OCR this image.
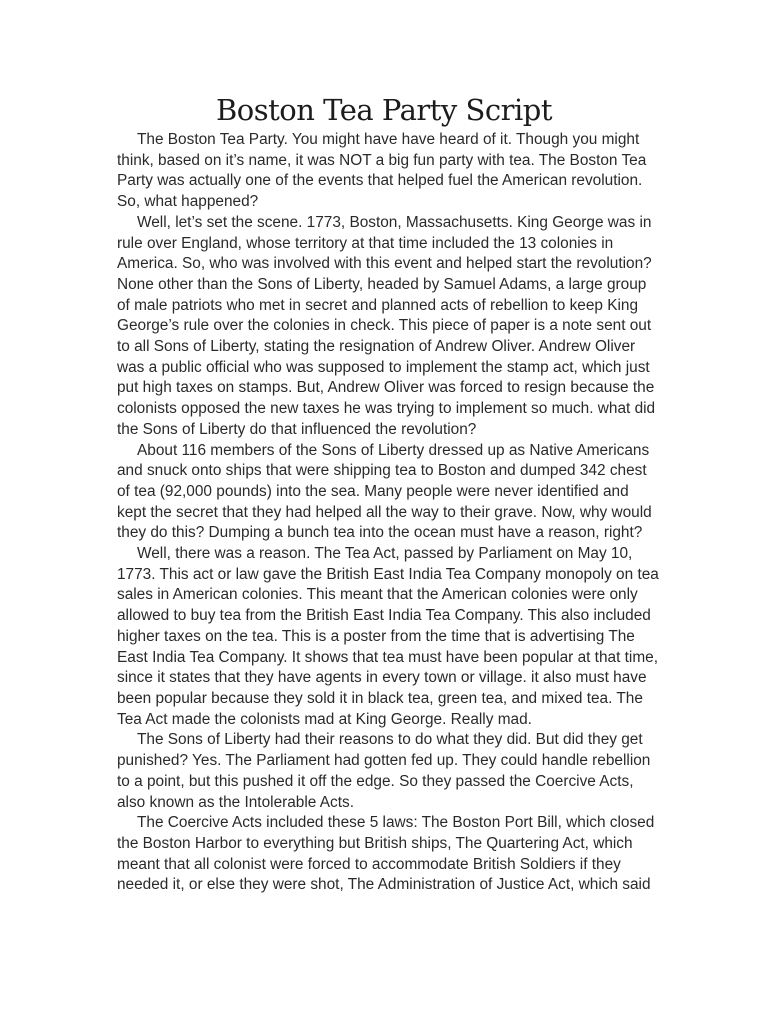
Boston Tea Party Script

The Boston Tea Party. You might have have heard of it. Though you might think, based on it’s name, it was NOT a big fun party with tea. The Boston Tea Party was actually one of the events that helped fuel the American revolution. So, what happened?

Well, let’s set the scene. 1773, Boston, Massachusetts. King George was in rule over England, whose territory at that time included the 13 colonies in America. So, who was involved with this event and helped start the revolution? None other than the Sons of Liberty, headed by Samuel Adams, a large group of male patriots who met in secret and planned acts of rebellion to keep King George’s rule over the colonies in check. This piece of paper is a note sent out to all Sons of Liberty, stating the resignation of Andrew Oliver. Andrew Oliver was a public official who was supposed to implement the stamp act, which just put high taxes on stamps. But, Andrew Oliver was forced to resign because the colonists opposed the new taxes he was trying to implement so much. what did the Sons of Liberty do that influenced the revolution?

About 116 members of the Sons of Liberty dressed up as Native Americans and snuck onto ships that were shipping tea to Boston and dumped 342 chest of tea (92,000 pounds) into the sea. Many people were never identified and kept the secret that they had helped all the way to their grave. Now, why would they do this? Dumping a bunch tea into the ocean must have a reason, right?

Well, there was a reason. The Tea Act, passed by Parliament on May 10, 1773. This act or law gave the British East India Tea Company monopoly on tea sales in American colonies. This meant that the American colonies were only allowed to buy tea from the British East India Tea Company. This also included higher taxes on the tea. This is a poster from the time that is advertising The East India Tea Company. It shows that tea must have been popular at that time, since it states that they have agents in every town or village. it also must have been popular because they sold it in black tea, green tea, and mixed tea. The Tea Act made the colonists mad at King George. Really mad.

The Sons of Liberty had their reasons to do what they did. But did they get punished? Yes. The Parliament had gotten fed up. They could handle rebellion to a point, but this pushed it off the edge. So they passed the Coercive Acts, also known as the Intolerable Acts.

The Coercive Acts included these 5 laws: The Boston Port Bill, which closed the Boston Harbor to everything but British ships, The Quartering Act, which meant that all colonist were forced to accommodate British Soldiers if they needed it, or else they were shot, The Administration of Justice Act, which said
